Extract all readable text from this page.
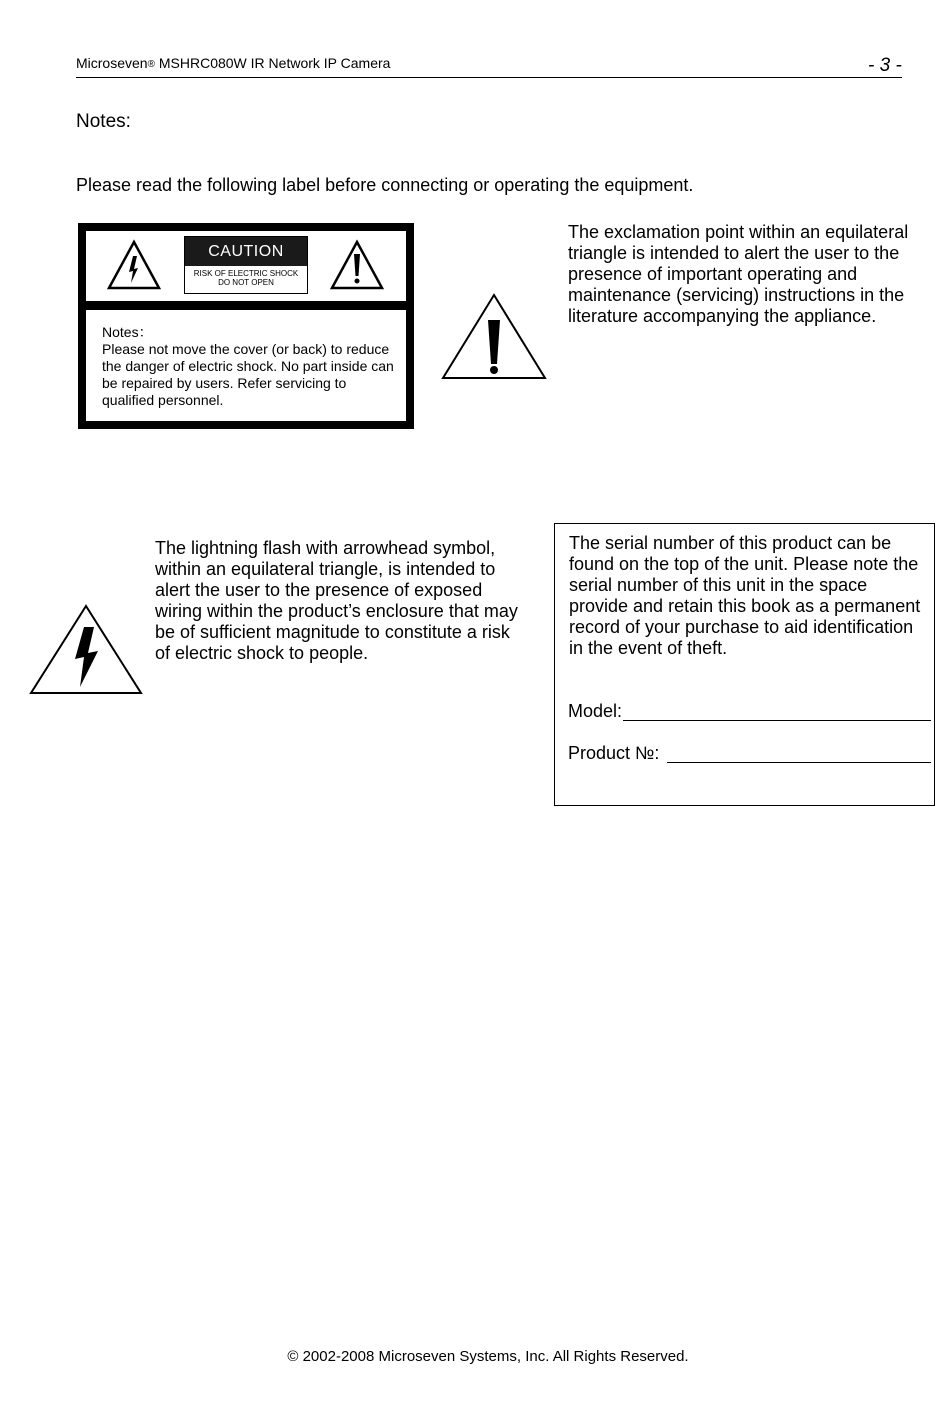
Microseven® MSHRC080W IR Network IP Camera	- 3 -
Notes:
Please read the following label before connecting or operating the equipment.
CAUTION
RISK OF ELECTRIC SHOCK
DO NOT OPEN
Notes：
Please not move the cover (or back) to reduce the danger of electric shock. No part inside can be repaired by users. Refer servicing to qualified personnel.
The exclamation point within an equilateral triangle is intended to alert the user to the presence of important operating and maintenance (servicing) instructions in the literature accompanying the appliance.
The lightning flash with arrowhead symbol, within an equilateral triangle, is intended to alert the user to the presence of exposed wiring within the product’s enclosure that may be of sufficient magnitude to constitute a risk of electric shock to people.
The serial number of this product can be found on the top of the unit. Please note the serial number of this unit in the space provide and retain this book as a permanent record of your purchase to aid identification in the event of theft.
Model:
Product №:
© 2002-2008 Microseven Systems, Inc. All Rights Reserved.
